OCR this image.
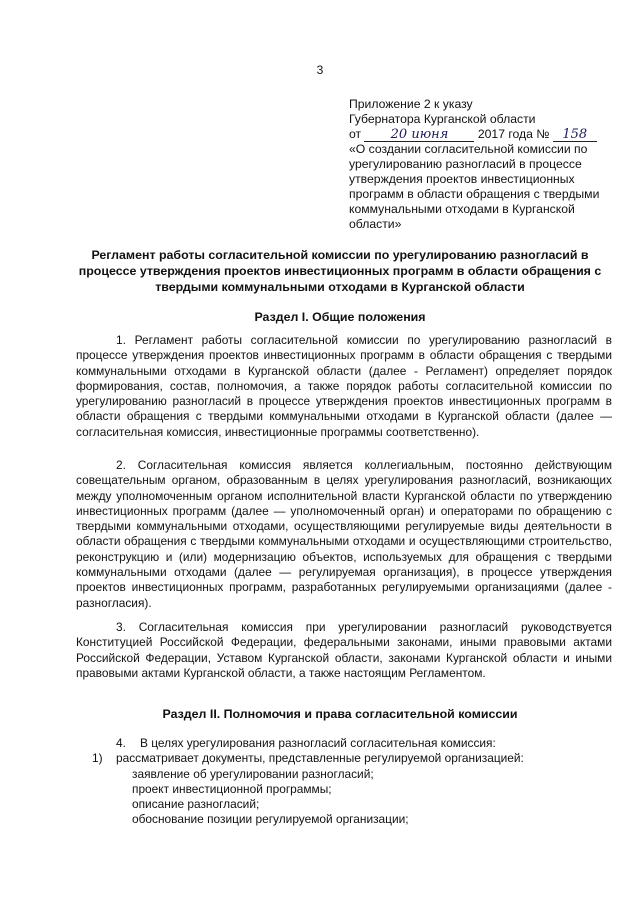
3
Приложение 2 к указу
Губернатора Курганской области
от 20 июня 2017 года № 158
«О создании согласительной комиссии по урегулированию разногласий в процессе утверждения проектов инвестиционных программ в области обращения с твердыми коммунальными отходами в Курганской области»
Регламент работы согласительной комиссии по урегулированию разногласий в процессе утверждения проектов инвестиционных программ в области обращения с твердыми коммунальными отходами в Курганской области
Раздел I. Общие положения
1. Регламент работы согласительной комиссии по урегулированию разногласий в процессе утверждения проектов инвестиционных программ в области обращения с твердыми коммунальными отходами в Курганской области (далее - Регламент) определяет порядок формирования, состав, полномочия, а также порядок работы согласительной комиссии по урегулированию разногласий в процессе утверждения проектов инвестиционных программ в области обращения с твердыми коммунальными отходами в Курганской области (далее — согласительная комиссия, инвестиционные программы соответственно).
2. Согласительная комиссия является коллегиальным, постоянно действующим совещательным органом, образованным в целях урегулирования разногласий, возникающих между уполномоченным органом исполнительной власти Курганской области по утверждению инвестиционных программ (далее — уполномоченный орган) и операторами по обращению с твердыми коммунальными отходами, осуществляющими регулируемые виды деятельности в области обращения с твердыми коммунальными отходами и осуществляющими строительство, реконструкцию и (или) модернизацию объектов, используемых для обращения с твердыми коммунальными отходами (далее — регулируемая организация), в процессе утверждения проектов инвестиционных программ, разработанных регулируемыми организациями (далее - разногласия).
3. Согласительная комиссия при урегулировании разногласий руководствуется Конституцией Российской Федерации, федеральными законами, иными правовыми актами Российской Федерации, Уставом Курганской области, законами Курганской области и иными правовыми актами Курганской области, а также настоящим Регламентом.
Раздел II. Полномочия и права согласительной комиссии
4. В целях урегулирования разногласий согласительная комиссия:
1) рассматривает документы, представленные регулируемой организацией:
заявление об урегулировании разногласий;
проект инвестиционной программы;
описание разногласий;
обоснование позиции регулируемой организации;
